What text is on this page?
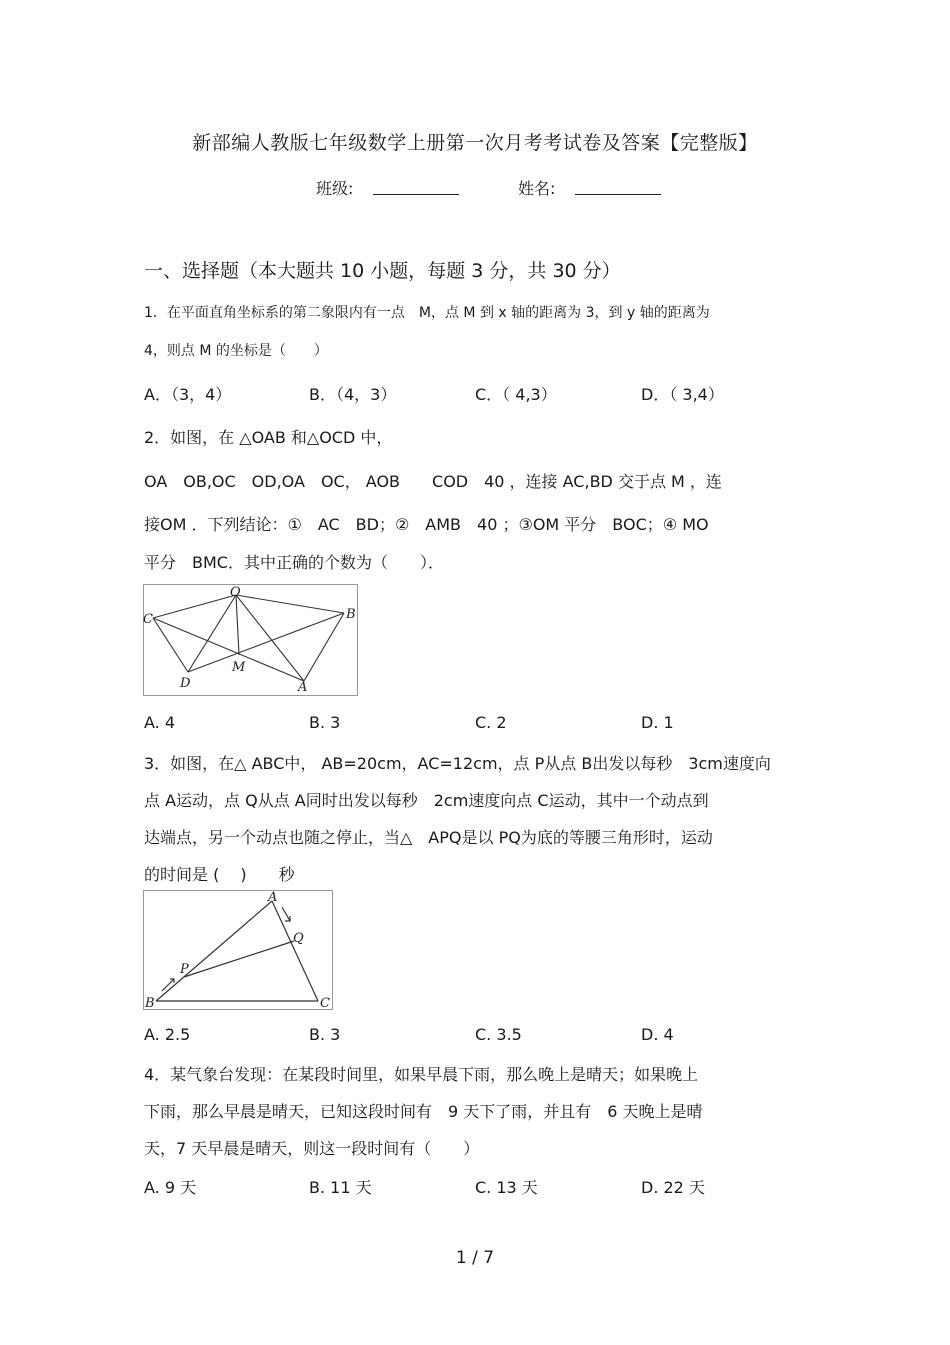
新部编人教版七年级数学上册第一次月考考试卷及答案【完整版】
班级:	姓名:
一、选择题（本大题共 10 小题，每题 3 分，共 30 分）
1．在平面直角坐标系的第二象限内有一点　M，点 M 到 x 轴的距离为 3，到 y 轴的距离为
4，则点 M 的坐标是（　　）
A．（3，4）	B．（4，3）	C．（ 4,3）	D．（ 3,4）
2．如图，在 △OAB 和△OCD 中，
OA　OB,OC　OD,OA　OC， AOB　　COD　40 ，连接 AC,BD 交于点 M ，连
接OM ．下列结论：①　AC　BD；②　AMB　40 ；③OM 平分　BOC；④ MO
平分　BMC．其中正确的个数为（　　）．
O
C	B
M
D	A
A. 4	B. 3	C. 2	D. 1
3．如图，在△ ABC中， AB=20cm，AC=12cm，点 P从点 B出发以每秒　3cm速度向
点 A运动，点 Q从点 A同时出发以每秒　2cm速度向点 C运动，其中一个动点到
达端点，另一个动点也随之停止，当△　APQ是以 PQ为底的等腰三角形时，运动
的时间是 (　 )　　秒
A
Q
P
B	C
A. 2.5	B. 3	C. 3.5	D. 4
4．某气象台发现：在某段时间里，如果早晨下雨，那么晚上是晴天；如果晚上
下雨，那么早晨是晴天，已知这段时间有　9 天下了雨，并且有　6 天晚上是晴
天，7 天早晨是晴天，则这一段时间有（　　）
A. 9 天	B. 11 天	C. 13 天	D. 22 天
1 / 7
